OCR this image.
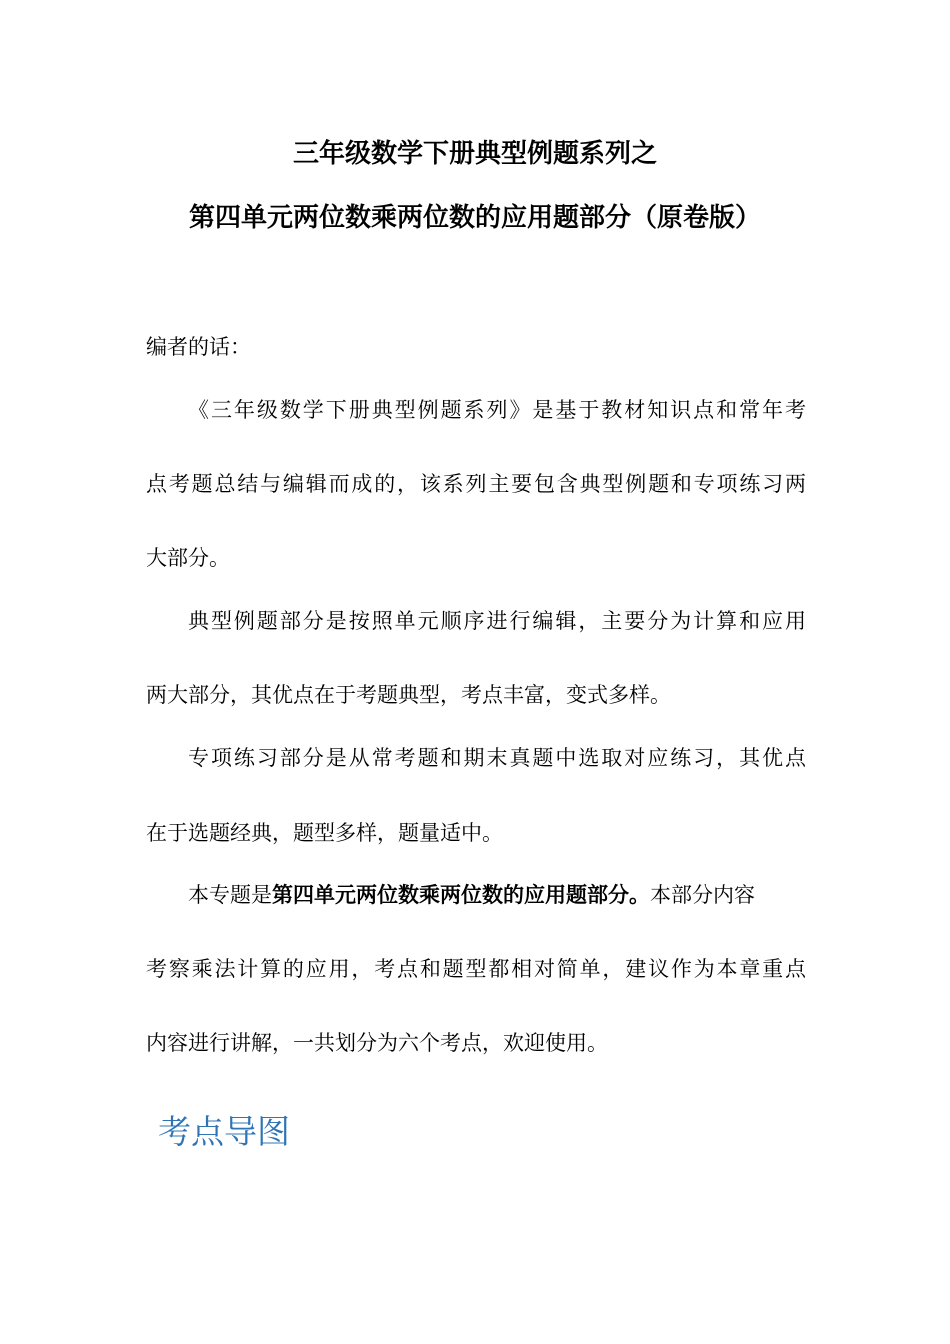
三年级数学下册典型例题系列之
第四单元两位数乘两位数的应用题部分（原卷版）
编者的话：
《三年级数学下册典型例题系列》是基于教材知识点和常年考
点考题总结与编辑而成的，该系列主要包含典型例题和专项练习两
大部分。
典型例题部分是按照单元顺序进行编辑，主要分为计算和应用
两大部分，其优点在于考题典型，考点丰富，变式多样。
专项练习部分是从常考题和期末真题中选取对应练习，其优点
在于选题经典，题型多样，题量适中。
本专题是第四单元两位数乘两位数的应用题部分。本部分内容
考察乘法计算的应用，考点和题型都相对简单，建议作为本章重点
内容进行讲解，一共划分为六个考点，欢迎使用。
考点导图
